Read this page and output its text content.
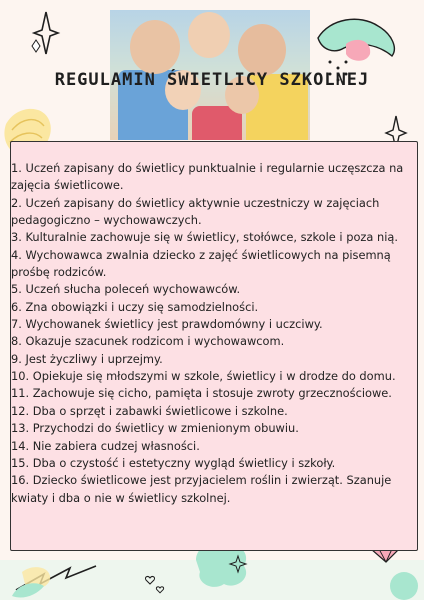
REGULAMIN ŚWIETLICY SZKOLNEJ
1. Uczeń zapisany do świetlicy punktualnie i regularnie uczęszcza na zajęcia świetlicowe.
2. Uczeń zapisany do świetlicy aktywnie uczestniczy w zajęciach pedagogiczno – wychowawczych.
3. Kulturalnie zachowuje się w świetlicy, stołówce, szkole i poza nią.
4. Wychowawca zwalnia dziecko z zajęć świetlicowych na pisemną prośbę rodziców.
5. Uczeń słucha poleceń wychowawców.
6. Zna obowiązki i uczy się samodzielności.
7. Wychowanek świetlicy jest prawdomówny i uczciwy.
8. Okazuje szacunek rodzicom i wychowawcom.
9. Jest życzliwy i uprzejmy.
10. Opiekuje się młodszymi w szkole, świetlicy i w drodze do domu.
11. Zachowuje się cicho, pamięta i stosuje zwroty grzecznościowe.
12. Dba o sprzęt i zabawki świetlicowe i szkolne.
13. Przychodzi do świetlicy w zmienionym obuwiu.
14. Nie zabiera cudzej własności.
15. Dba o czystość i estetyczny wygląd świetlicy i szkoły.
16. Dziecko świetlicowe jest przyjacielem roślin i zwierząt. Szanuje kwiaty i dba o nie w świetlicy szkolnej.
